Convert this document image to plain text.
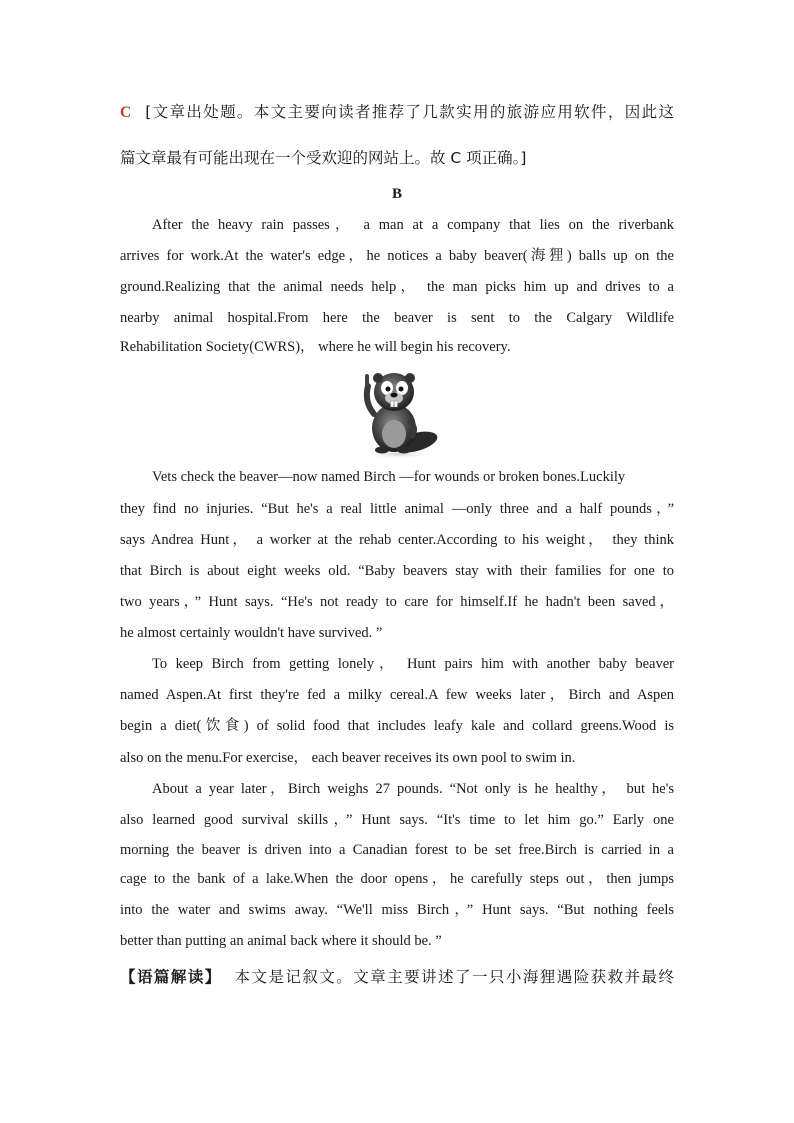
C [文章出处题。本文主要向读者推荐了几款实用的旅游应用软件，因此这
篇文章最有可能出现在一个受欢迎的网站上。故 C 项正确。]
B
After the heavy rain passes， a man at a company that lies on the riverbank
arrives for work.At the water's edge，he notices a baby beaver(海狸) balls up on the
ground.Realizing that the animal needs help， the man picks him up and drives to a
nearby animal hospital.From here the beaver is sent to the Calgary Wildlife
Rehabilitation Society(CWRS)， where he will begin his recovery.
Vets check the beaver—now named Birch —for wounds or broken bones.Luckily
they find no injuries. “But he's a real little animal —only three and a half pounds，”
says Andrea Hunt， a worker at the rehab center.According to his weight， they think
that Birch is about eight weeks old. “Baby beavers stay with their families for one to
two years，” Hunt says. “He's not ready to care for himself.If he hadn't been saved，
he almost certainly wouldn't have survived. ”
To keep Birch from getting lonely， Hunt pairs him with another baby beaver
named Aspen.At first they're fed a milky cereal.A few weeks later，Birch and Aspen
begin a diet(饮食) of solid food that includes leafy kale and collard greens.Wood is
also on the menu.For exercise， each beaver receives its own pool to swim in.
About a year later，Birch weighs 27 pounds. “Not only is he healthy， but he's
also learned good survival skills，” Hunt says. “It's time to let him go.” Early one
morning the beaver is driven into a Canadian forest to be set free.Birch is carried in a
cage to the bank of a lake.When the door opens，he carefully steps out，then jumps
into the water and swims away. “We'll miss Birch，” Hunt says. “But nothing feels
better than putting an animal back where it should be. ”
【语篇解读】 本文是记叙文。文章主要讲述了一只小海狸遇险获救并最终
